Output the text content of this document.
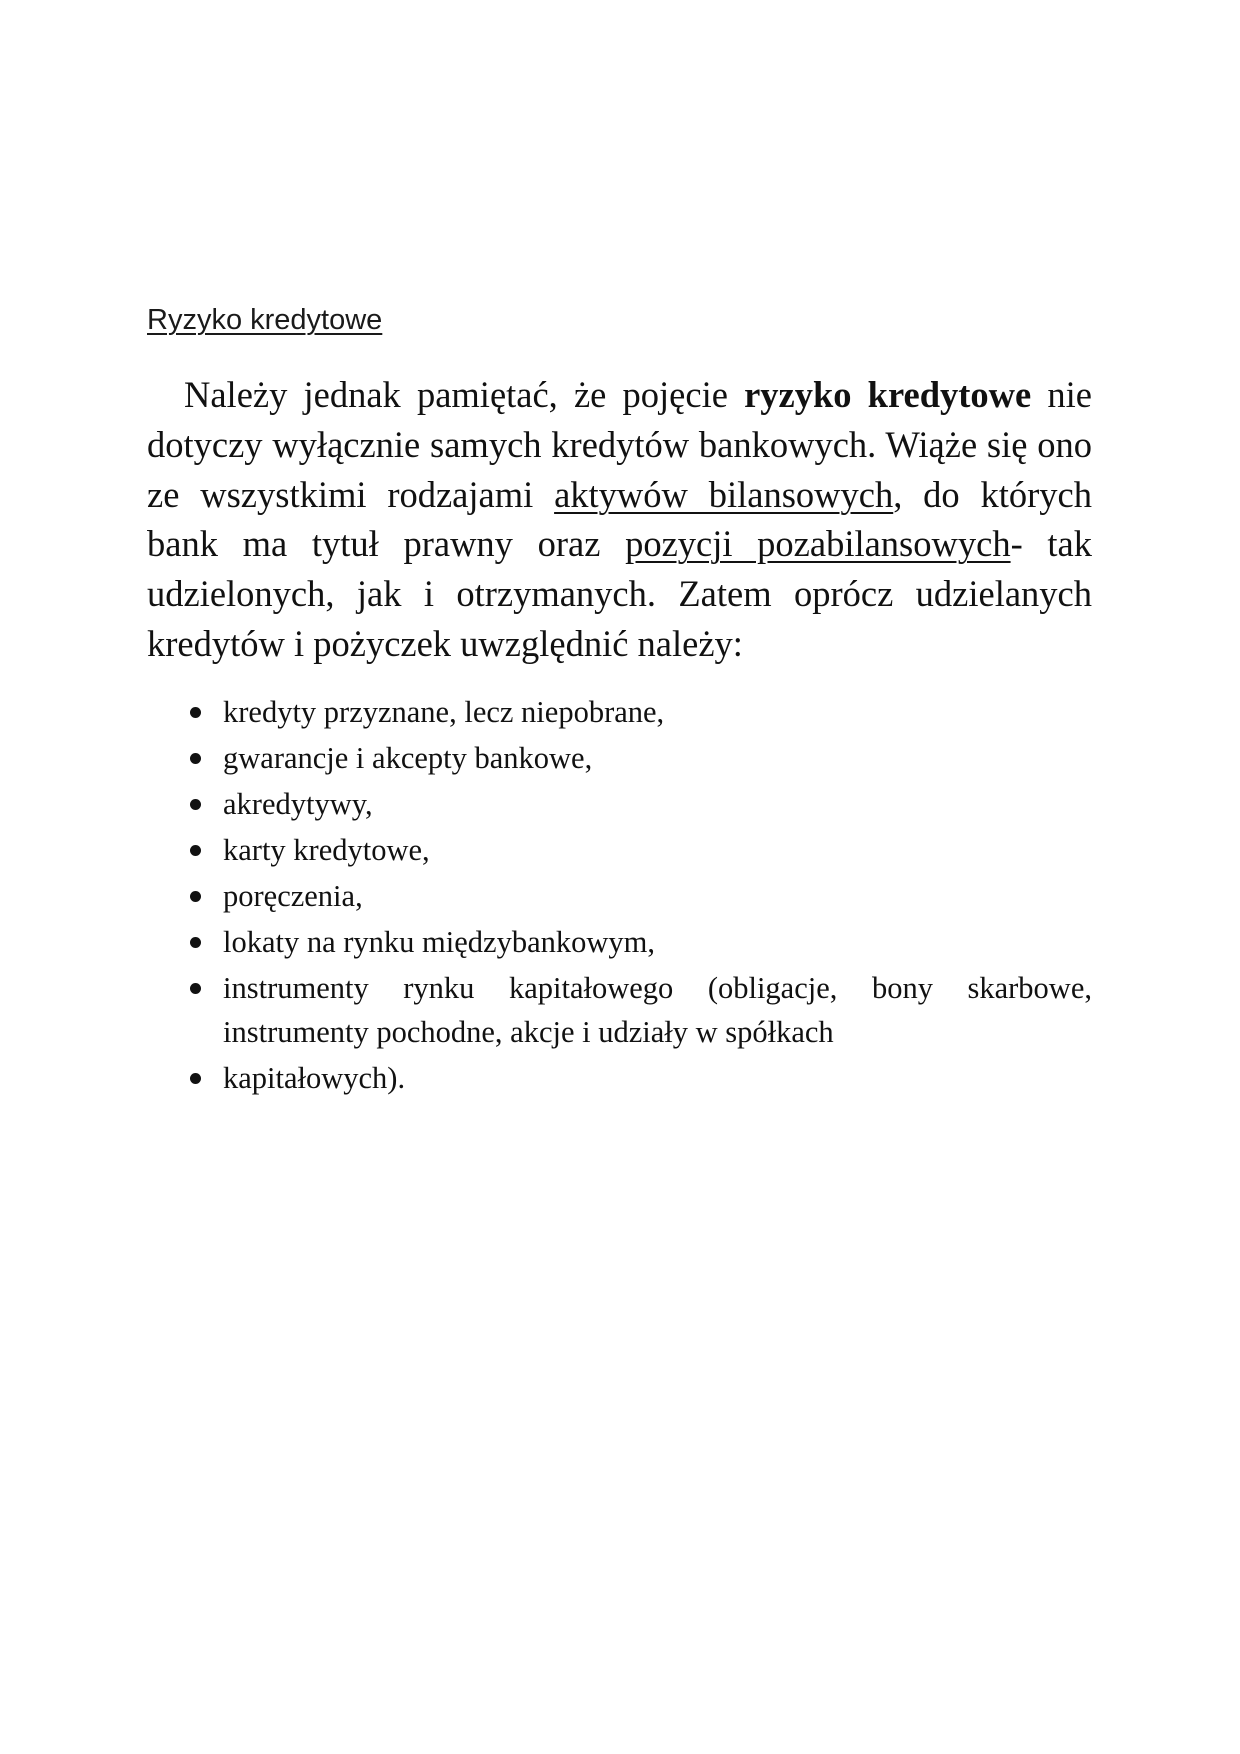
Ryzyko kredytowe
Należy jednak pamiętać, że pojęcie ryzyko kredytowe nie dotyczy wyłącznie samych kredytów bankowych. Wiąże się ono ze wszystkimi rodzajami aktywów bilansowych, do których bank ma tytuł prawny oraz pozycji pozabilansowych- tak udzielonych, jak i otrzymanych. Zatem oprócz udzielanych kredytów i pożyczek uwzględnić należy:
kredyty przyznane, lecz niepobrane,
gwarancje i akcepty bankowe,
akredytywy,
karty kredytowe,
poręczenia,
lokaty na rynku międzybankowym,
instrumenty rynku kapitałowego (obligacje, bony skarbowe,
instrumenty pochodne, akcje i udziały w spółkach
kapitałowych).
